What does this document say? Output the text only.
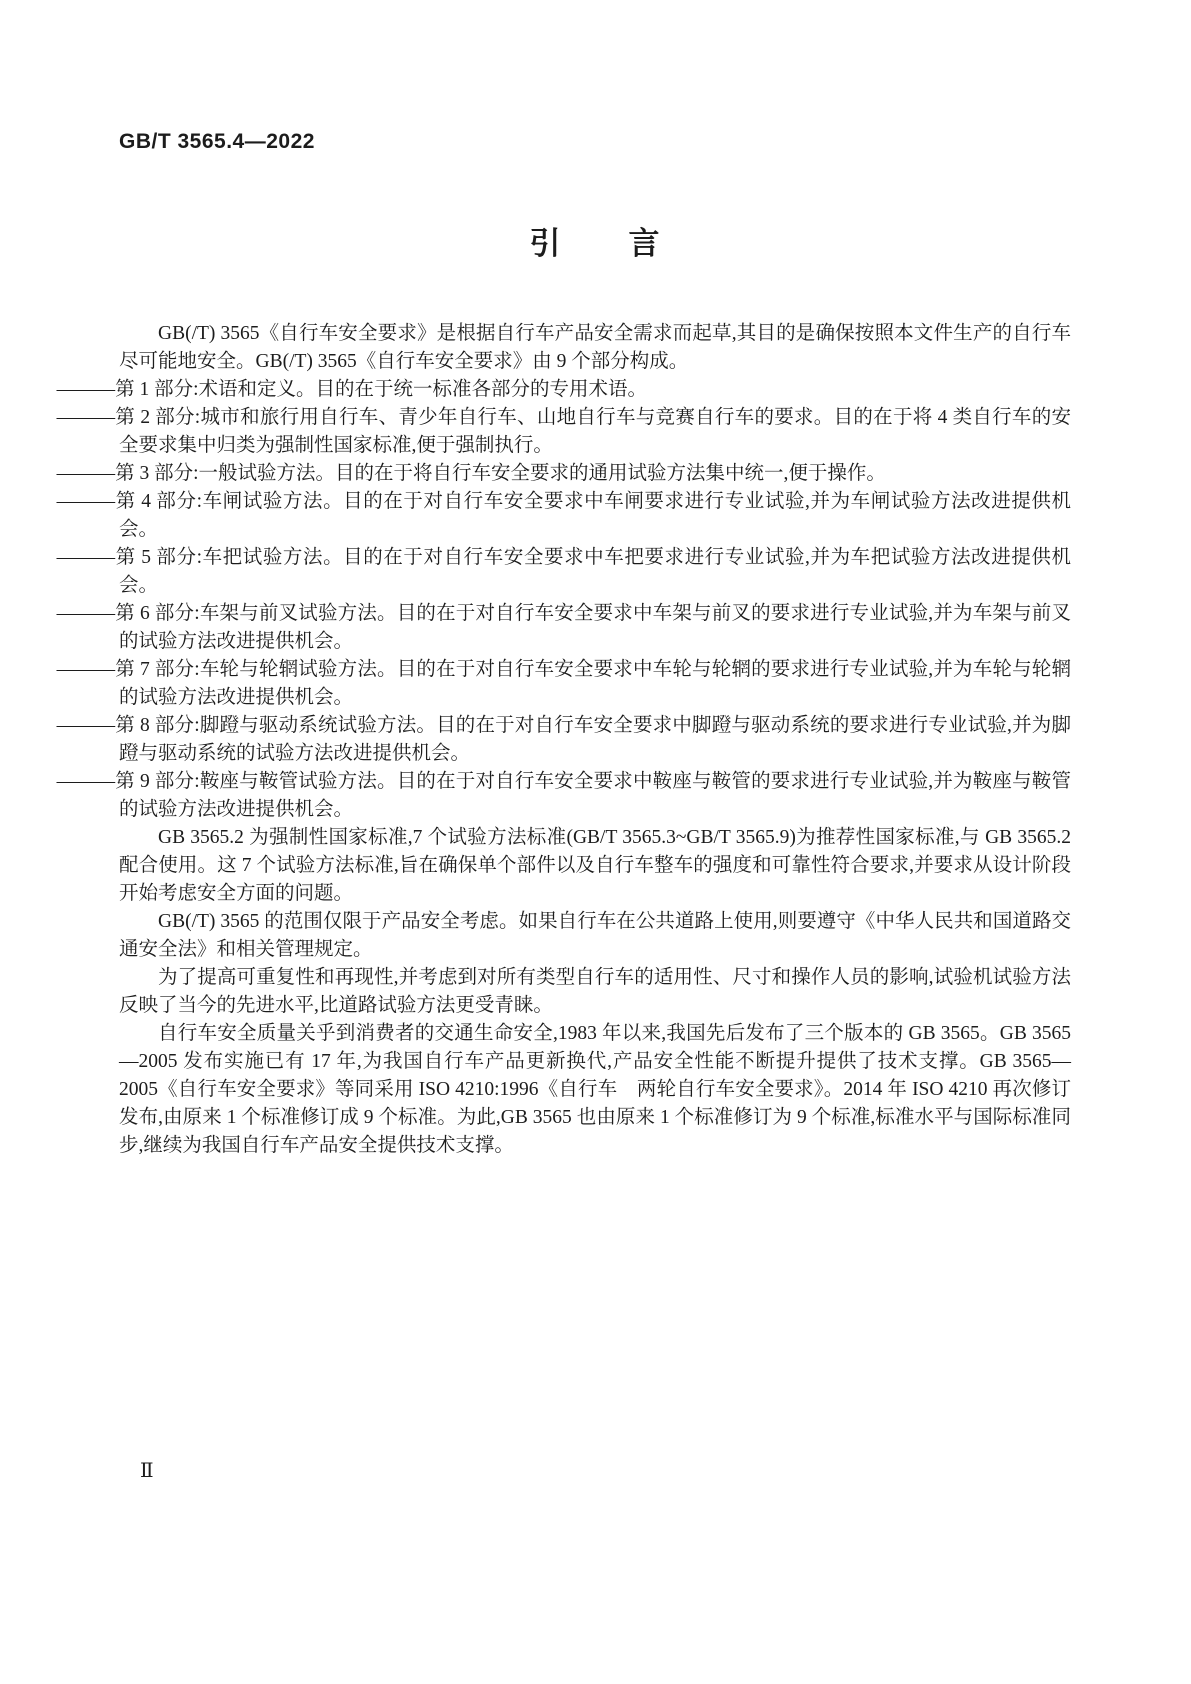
GB/T 3565.4—2022
引　　言

GB(/T) 3565《自行车安全要求》是根据自行车产品安全需求而起草,其目的是确保按照本文件生产的自行车尽可能地安全。GB(/T) 3565《自行车安全要求》由 9 个部分构成。

———第 1 部分:术语和定义。目的在于统一标准各部分的专用术语。

———第 2 部分:城市和旅行用自行车、青少年自行车、山地自行车与竞赛自行车的要求。目的在于将 4 类自行车的安全要求集中归类为强制性国家标准,便于强制执行。

———第 3 部分:一般试验方法。目的在于将自行车安全要求的通用试验方法集中统一,便于操作。

———第 4 部分:车闸试验方法。目的在于对自行车安全要求中车闸要求进行专业试验,并为车闸试验方法改进提供机会。

———第 5 部分:车把试验方法。目的在于对自行车安全要求中车把要求进行专业试验,并为车把试验方法改进提供机会。

———第 6 部分:车架与前叉试验方法。目的在于对自行车安全要求中车架与前叉的要求进行专业试验,并为车架与前叉的试验方法改进提供机会。

———第 7 部分:车轮与轮辋试验方法。目的在于对自行车安全要求中车轮与轮辋的要求进行专业试验,并为车轮与轮辋的试验方法改进提供机会。

———第 8 部分:脚蹬与驱动系统试验方法。目的在于对自行车安全要求中脚蹬与驱动系统的要求进行专业试验,并为脚蹬与驱动系统的试验方法改进提供机会。

———第 9 部分:鞍座与鞍管试验方法。目的在于对自行车安全要求中鞍座与鞍管的要求进行专业试验,并为鞍座与鞍管的试验方法改进提供机会。

GB 3565.2 为强制性国家标准,7 个试验方法标准(GB/T 3565.3~GB/T 3565.9)为推荐性国家标准,与 GB 3565.2 配合使用。这 7 个试验方法标准,旨在确保单个部件以及自行车整车的强度和可靠性符合要求,并要求从设计阶段开始考虑安全方面的问题。

GB(/T) 3565 的范围仅限于产品安全考虑。如果自行车在公共道路上使用,则要遵守《中华人民共和国道路交通安全法》和相关管理规定。

为了提高可重复性和再现性,并考虑到对所有类型自行车的适用性、尺寸和操作人员的影响,试验机试验方法反映了当今的先进水平,比道路试验方法更受青睐。

自行车安全质量关乎到消费者的交通生命安全,1983 年以来,我国先后发布了三个版本的 GB 3565。GB 3565—2005 发布实施已有 17 年,为我国自行车产品更新换代,产品安全性能不断提升提供了技术支撑。GB 3565—2005《自行车安全要求》等同采用 ISO 4210:1996《自行车　两轮自行车安全要求》。2014 年 ISO 4210 再次修订发布,由原来 1 个标准修订成 9 个标准。为此,GB 3565 也由原来 1 个标准修订为 9 个标准,标准水平与国际标准同步,继续为我国自行车产品安全提供技术支撑。

Ⅱ
